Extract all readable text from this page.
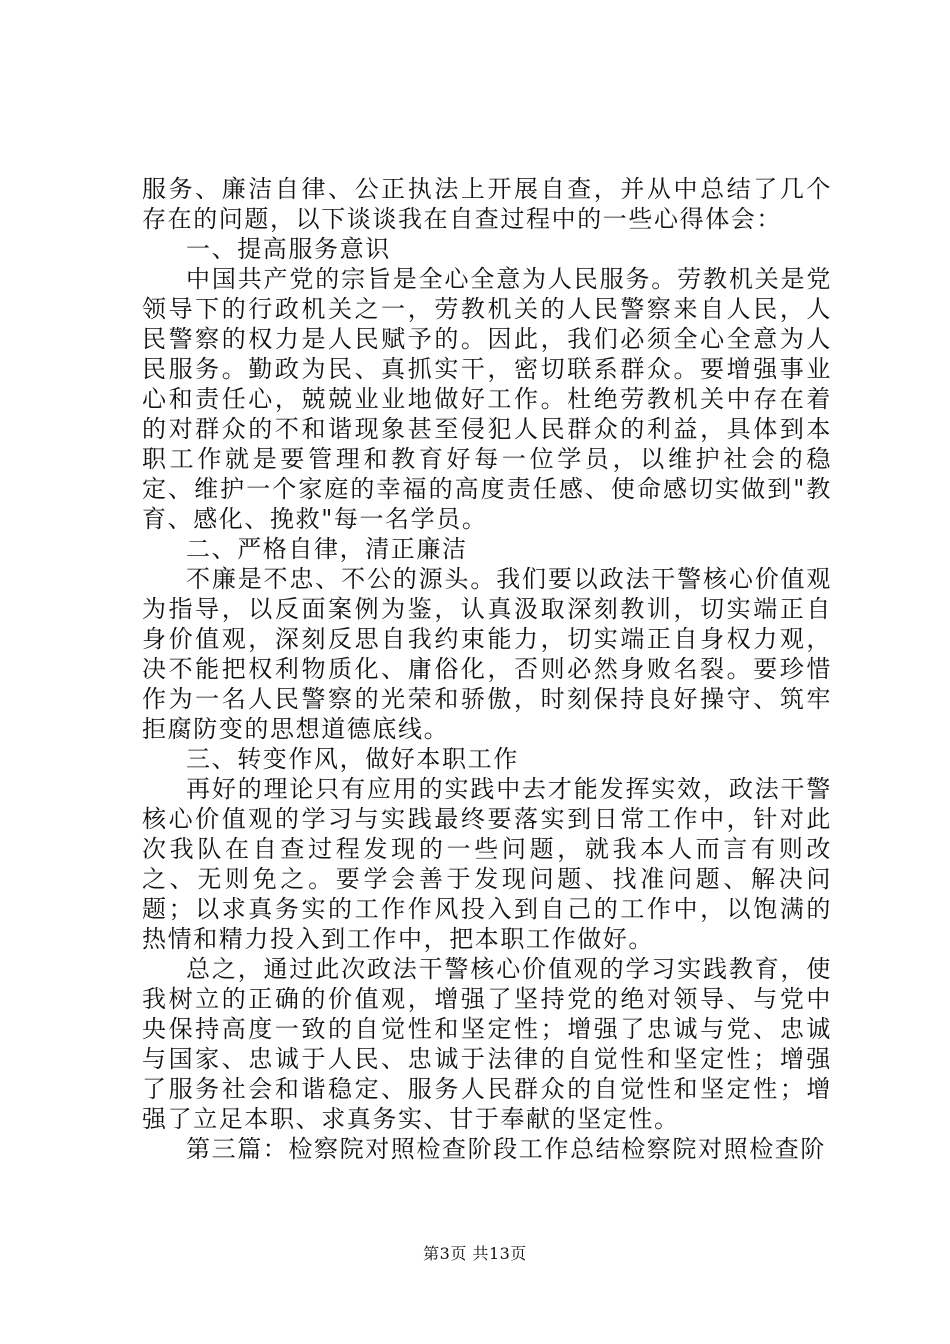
服务、廉洁自律、公正执法上开展自查，并从中总结了几个存在的问题，以下谈谈我在自查过程中的一些心得体会：

一、提高服务意识

中国共产党的宗旨是全心全意为人民服务。劳教机关是党领导下的行政机关之一，劳教机关的人民警察来自人民，人民警察的权力是人民赋予的。因此，我们必须全心全意为人民服务。勤政为民、真抓实干，密切联系群众。要增强事业心和责任心，兢兢业业地做好工作。杜绝劳教机关中存在着的对群众的不和谐现象甚至侵犯人民群众的利益，具体到本职工作就是要管理和教育好每一位学员，以维护社会的稳定、维护一个家庭的幸福的高度责任感、使命感切实做到"教育、感化、挽救"每一名学员。

二、严格自律，清正廉洁

不廉是不忠、不公的源头。我们要以政法干警核心价值观为指导，以反面案例为鉴，认真汲取深刻教训，切实端正自身价值观，深刻反思自我约束能力，切实端正自身权力观，决不能把权利物质化、庸俗化，否则必然身败名裂。要珍惜作为一名人民警察的光荣和骄傲，时刻保持良好操守、筑牢拒腐防变的思想道德底线。

三、转变作风，做好本职工作

再好的理论只有应用的实践中去才能发挥实效，政法干警核心价值观的学习与实践最终要落实到日常工作中，针对此次我队在自查过程发现的一些问题，就我本人而言有则改之、无则免之。要学会善于发现问题、找准问题、解决问题；以求真务实的工作作风投入到自己的工作中，以饱满的热情和精力投入到工作中，把本职工作做好。

总之，通过此次政法干警核心价值观的学习实践教育，使我树立的正确的价值观，增强了坚持党的绝对领导、与党中央保持高度一致的自觉性和坚定性；增强了忠诚与党、忠诚与国家、忠诚于人民、忠诚于法律的自觉性和坚定性；增强了服务社会和谐稳定、服务人民群众的自觉性和坚定性；增强了立足本职、求真务实、甘于奉献的坚定性。

第三篇：检察院对照检查阶段工作总结检察院对照检查阶

第3页 共13页
